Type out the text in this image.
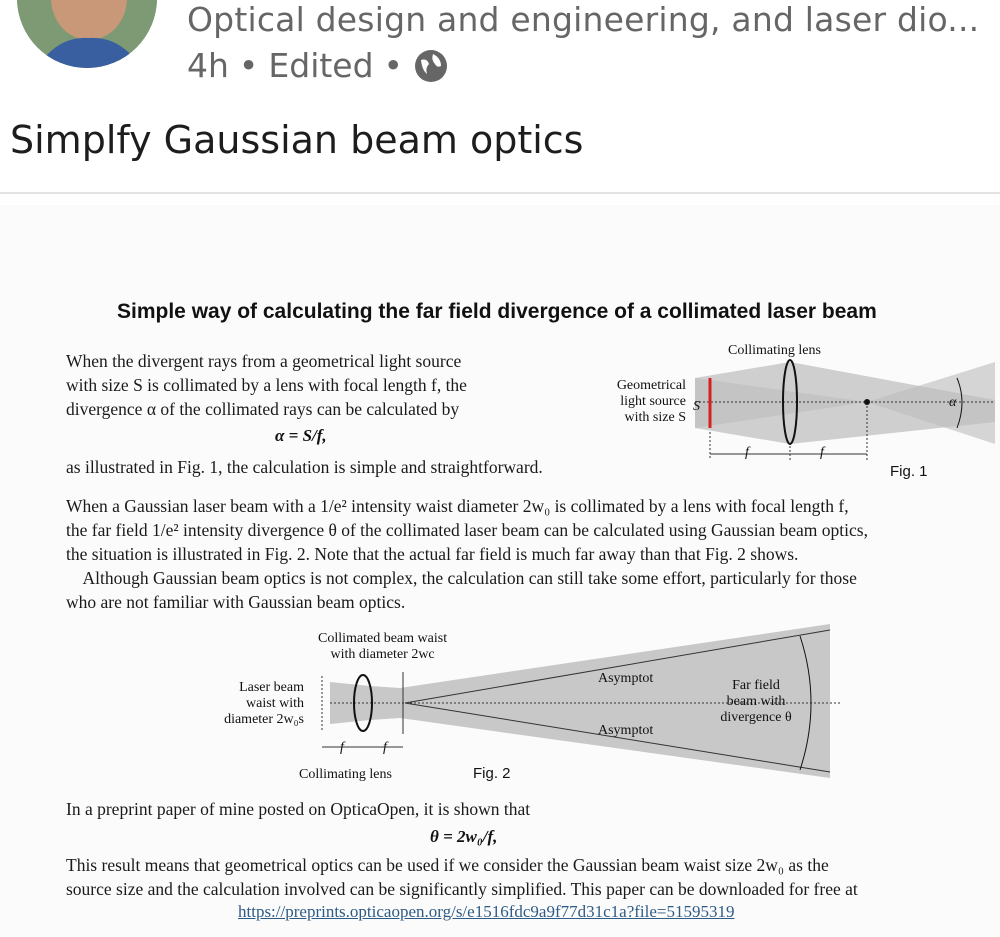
Optical design and engineering, and laser dio...
4h • Edited •
Simplfy Gaussian beam optics
Simple way of calculating the far field divergence of a collimated laser beam
When the divergent rays from a geometrical light source
with size S is collimated by a lens with focal length f, the
divergence α of the collimated rays can be calculated by
α = S/f,
as illustrated in Fig. 1, the calculation is simple and straightforward.
Collimating lens
Geometrical
light source
with size S
S
f	f
α
Fig. 1
When a Gaussian laser beam with a 1/e² intensity waist diameter 2w₀ is collimated by a lens with focal length f,
the far field 1/e² intensity divergence θ of the collimated laser beam can be calculated using Gaussian beam optics,
the situation is illustrated in Fig. 2. Note that the actual far field is much far away than that Fig. 2 shows.
Although Gaussian beam optics is not complex, the calculation can still take some effort, particularly for those
who are not familiar with Gaussian beam optics.
Collimated beam waist
with diameter 2wc
Laser beam
waist with
diameter 2w₀s
Asymptot
Asymptot
Far field
beam with
divergence θ
f	f
Collimating lens	Fig. 2
In a preprint paper of mine posted on OpticaOpen, it is shown that
θ = 2w₀/f,
This result means that geometrical optics can be used if we consider the Gaussian beam waist size 2w₀ as the
source size and the calculation involved can be significantly simplified. This paper can be downloaded for free at
https://preprints.opticaopen.org/s/e1516fdc9a9f77d31c1a?file=51595319
